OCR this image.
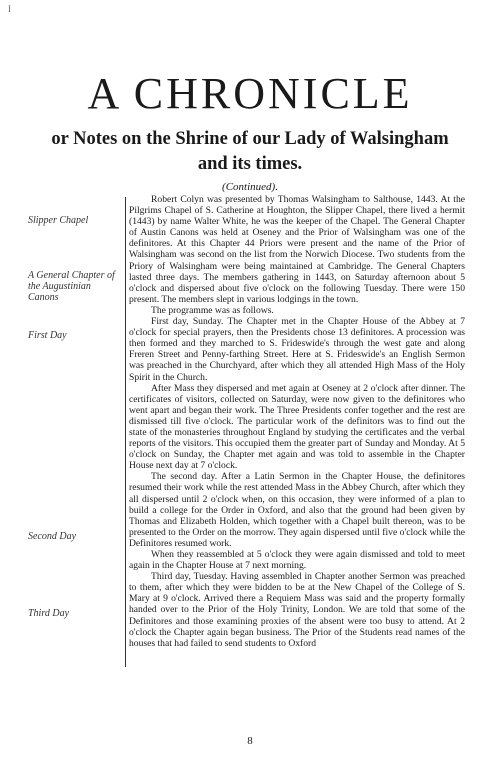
I
A CHRONICLE
or Notes on the Shrine of our Lady of Walsingham and its times.
(Continued).
Slipper Chapel
A General Chapter of the Augustinian Canons
First Day
Second Day
Third Day

Robert Colyn was presented by Thomas Walsingham to Salthouse, 1443. At the Pilgrims Chapel of S. Catherine at Houghton, the Slipper Chapel, there lived a hermit (1443) by name Walter White, he was the keeper of the Chapel. The General Chapter of Austin Canons was held at Oseney and the Prior of Walsingham was one of the definitores. At this Chapter 44 Priors were present and the name of the Prior of Walsingham was second on the list from the Norwich Diocese. Two students from the Priory of Walsingham were being maintained at Cambridge. The General Chapters lasted three days. The members gathering in 1443, on Saturday afternoon about 5 o'clock and dispersed about five o'clock on the following Tuesday. There were 150 present. The members slept in various lodgings in the town.

The programme was as follows.

First day, Sunday. The Chapter met in the Chapter House of the Abbey at 7 o'clock for special prayers, then the Presidents chose 13 definitores. A procession was then formed and they marched to S. Frideswide's through the west gate and along Freren Street and Penny-farthing Street. Here at S. Frideswide's an English Sermon was preached in the Churchyard, after which they all attended High Mass of the Holy Spirit in the Church.

After Mass they dispersed and met again at Oseney at 2 o'clock after dinner. The certificates of visitors, collected on Saturday, were now given to the definitores who went apart and began their work. The Three Presidents confer together and the rest are dismissed till five o'clock. The particular work of the definitors was to find out the state of the monasteries throughout England by studying the certificates and the verbal reports of the visitors. This occupied them the greater part of Sunday and Monday. At 5 o'clock on Sunday, the Chapter met again and was told to assemble in the Chapter House next day at 7 o'clock.

The second day. After a Latin Sermon in the Chapter House, the definitores resumed their work while the rest attended Mass in the Abbey Church, after which they all dispersed until 2 o'clock when, on this occasion, they were informed of a plan to build a college for the Order in Oxford, and also that the ground had been given by Thomas and Elizabeth Holden, which together with a Chapel built thereon, was to be presented to the Order on the morrow. They again dispersed until five o'clock while the Definitores resumed work.

When they reassembled at 5 o'clock they were again dismissed and told to meet again in the Chapter House at 7 next morning.

Third day, Tuesday. Having assembled in Chapter another Sermon was preached to them, after which they were bidden to be at the New Chapel of the College of S. Mary at 9 o'clock. Arrived there a Requiem Mass was said and the property formally handed over to the Prior of the Holy Trinity, London. We are told that some of the Definitores and those examining proxies of the absent were too busy to attend. At 2 o'clock the Chapter again began business. The Prior of the Students read names of the houses that had failed to send students to Oxford

8
